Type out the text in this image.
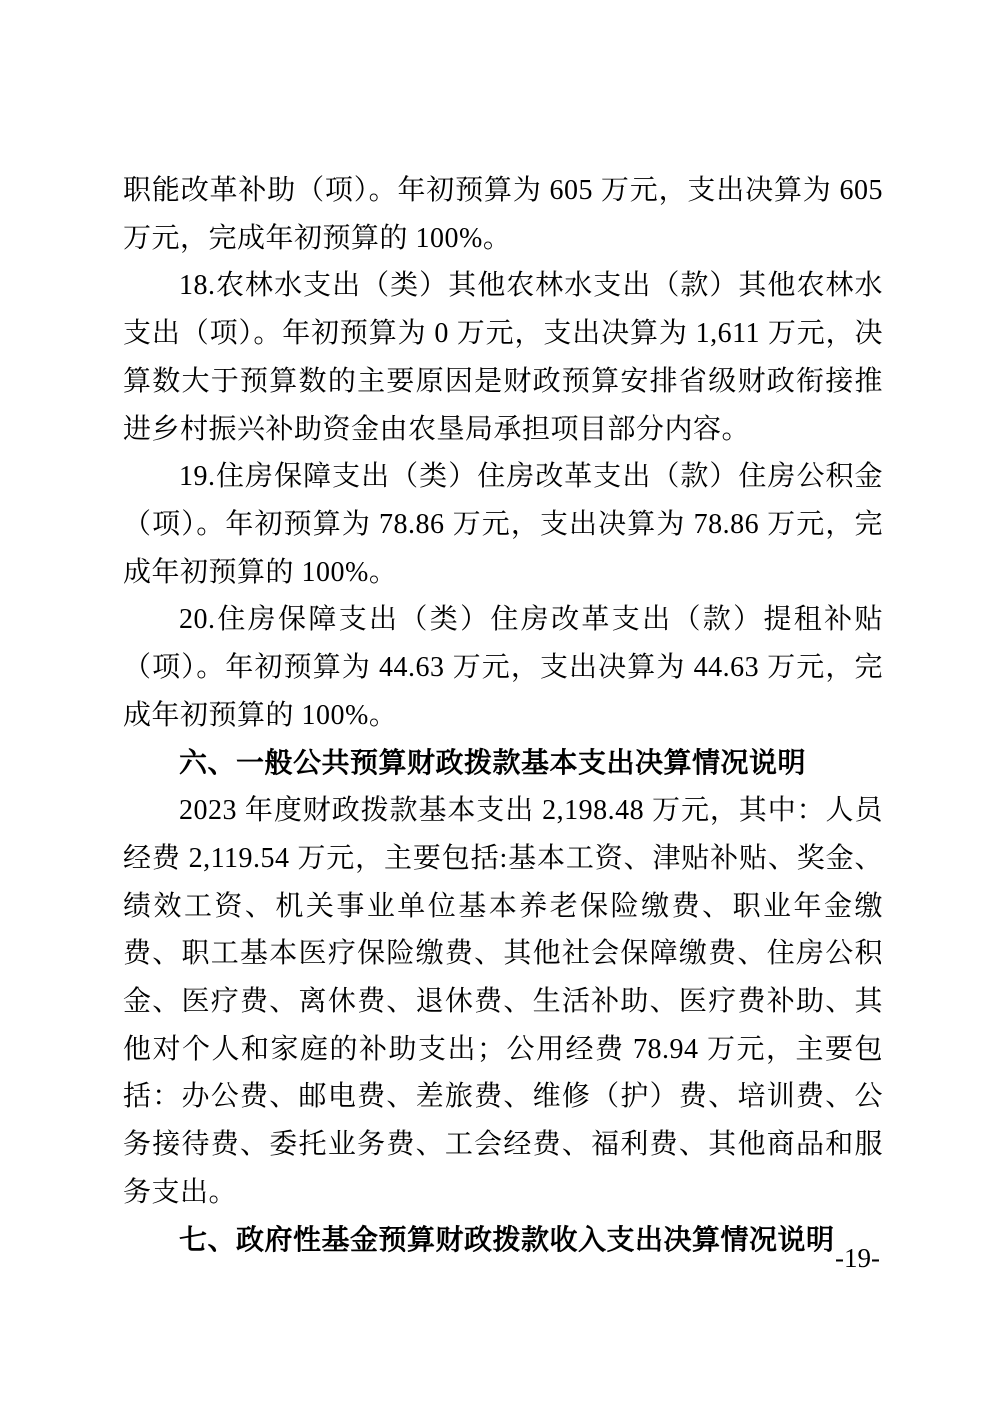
职能改革补助（项）。年初预算为 605 万元，支出决算为 605 万元，完成年初预算的 100%。

18.农林水支出（类）其他农林水支出（款）其他农林水支出（项）。年初预算为 0 万元，支出决算为 1,611 万元，决算数大于预算数的主要原因是财政预算安排省级财政衔接推进乡村振兴补助资金由农垦局承担项目部分内容。

19.住房保障支出（类）住房改革支出（款）住房公积金（项）。年初预算为 78.86 万元，支出决算为 78.86 万元，完成年初预算的 100%。

20.住房保障支出（类）住房改革支出（款）提租补贴（项）。年初预算为 44.63 万元，支出决算为 44.63 万元，完成年初预算的 100%。

六、一般公共预算财政拨款基本支出决算情况说明

2023 年度财政拨款基本支出 2,198.48 万元，其中：人员经费 2,119.54 万元，主要包括:基本工资、津贴补贴、奖金、绩效工资、机关事业单位基本养老保险缴费、职业年金缴费、职工基本医疗保险缴费、其他社会保障缴费、住房公积金、医疗费、离休费、退休费、生活补助、医疗费补助、其他对个人和家庭的补助支出；公用经费 78.94 万元，主要包括：办公费、邮电费、差旅费、维修（护）费、培训费、公务接待费、委托业务费、工会经费、福利费、其他商品和服务支出。

七、政府性基金预算财政拨款收入支出决算情况说明

-19-
